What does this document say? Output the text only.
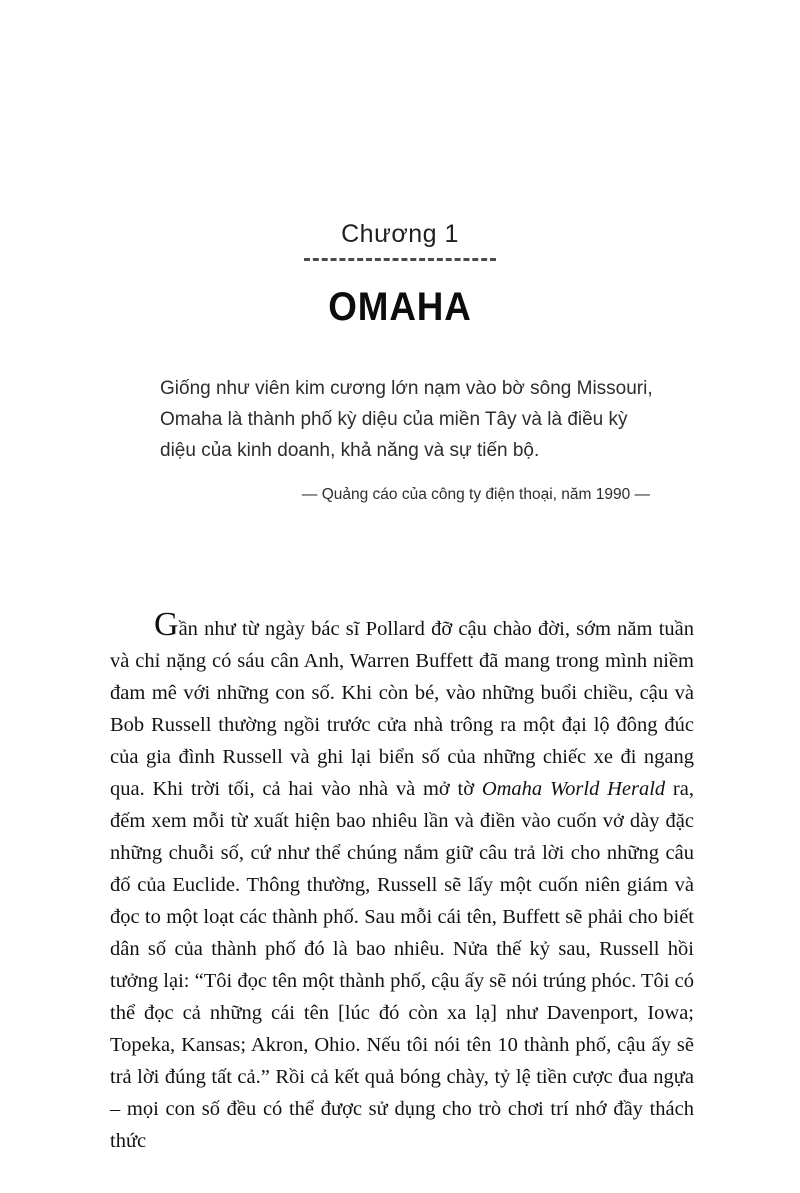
Chương 1
OMAHA

Giống như viên kim cương lớn nạm vào bờ sông Missouri, Omaha là thành phố kỳ diệu của miền Tây và là điều kỳ diệu của kinh doanh, khả năng và sự tiến bộ.

— Quảng cáo của công ty điện thoại, năm 1990 —

Gần như từ ngày bác sĩ Pollard đỡ cậu chào đời, sớm năm tuần và chỉ nặng có sáu cân Anh, Warren Buffett đã mang trong mình niềm đam mê với những con số. Khi còn bé, vào những buổi chiều, cậu và Bob Russell thường ngồi trước cửa nhà trông ra một đại lộ đông đúc của gia đình Russell và ghi lại biển số của những chiếc xe đi ngang qua. Khi trời tối, cả hai vào nhà và mở tờ Omaha World Herald ra, đếm xem mỗi từ xuất hiện bao nhiêu lần và điền vào cuốn vở dày đặc những chuỗi số, cứ như thể chúng nắm giữ câu trả lời cho những câu đố của Euclide. Thông thường, Russell sẽ lấy một cuốn niên giám và đọc to một loạt các thành phố. Sau mỗi cái tên, Buffett sẽ phải cho biết dân số của thành phố đó là bao nhiêu. Nửa thế kỷ sau, Russell hồi tưởng lại: “Tôi đọc tên một thành phố, cậu ấy sẽ nói trúng phóc. Tôi có thể đọc cả những cái tên [lúc đó còn xa lạ] như Davenport, Iowa; Topeka, Kansas; Akron, Ohio. Nếu tôi nói tên 10 thành phố, cậu ấy sẽ trả lời đúng tất cả.” Rồi cả kết quả bóng chày, tỷ lệ tiền cược đua ngựa – mọi con số đều có thể được sử dụng cho trò chơi trí nhớ đầy thách thức
